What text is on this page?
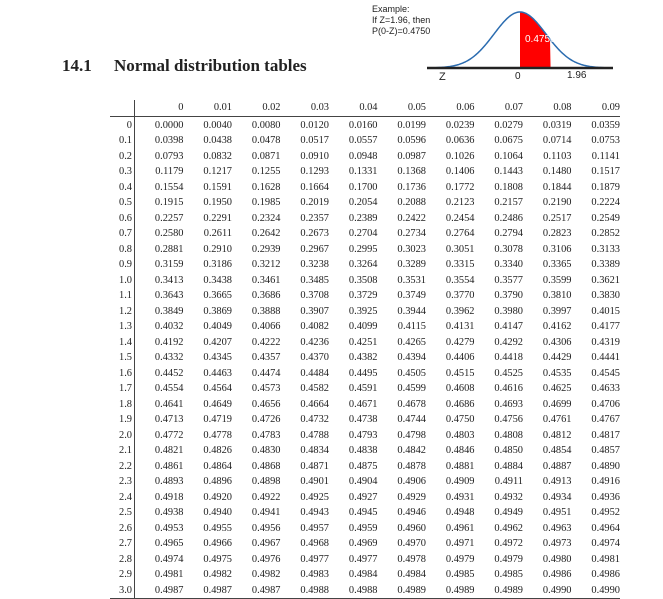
14.1 Normal distribution tables
Example:
If Z=1.96, then
P(0-Z)=0.4750
0.4750
Z	0	1.96
	0	0.01	0.02	0.03	0.04	0.05	0.06	0.07	0.08	0.09
0	0.0000	0.0040	0.0080	0.0120	0.0160	0.0199	0.0239	0.0279	0.0319	0.0359
0.1	0.0398	0.0438	0.0478	0.0517	0.0557	0.0596	0.0636	0.0675	0.0714	0.0753
0.2	0.0793	0.0832	0.0871	0.0910	0.0948	0.0987	0.1026	0.1064	0.1103	0.1141
0.3	0.1179	0.1217	0.1255	0.1293	0.1331	0.1368	0.1406	0.1443	0.1480	0.1517
0.4	0.1554	0.1591	0.1628	0.1664	0.1700	0.1736	0.1772	0.1808	0.1844	0.1879
0.5	0.1915	0.1950	0.1985	0.2019	0.2054	0.2088	0.2123	0.2157	0.2190	0.2224
0.6	0.2257	0.2291	0.2324	0.2357	0.2389	0.2422	0.2454	0.2486	0.2517	0.2549
0.7	0.2580	0.2611	0.2642	0.2673	0.2704	0.2734	0.2764	0.2794	0.2823	0.2852
0.8	0.2881	0.2910	0.2939	0.2967	0.2995	0.3023	0.3051	0.3078	0.3106	0.3133
0.9	0.3159	0.3186	0.3212	0.3238	0.3264	0.3289	0.3315	0.3340	0.3365	0.3389
1.0	0.3413	0.3438	0.3461	0.3485	0.3508	0.3531	0.3554	0.3577	0.3599	0.3621
1.1	0.3643	0.3665	0.3686	0.3708	0.3729	0.3749	0.3770	0.3790	0.3810	0.3830
1.2	0.3849	0.3869	0.3888	0.3907	0.3925	0.3944	0.3962	0.3980	0.3997	0.4015
1.3	0.4032	0.4049	0.4066	0.4082	0.4099	0.4115	0.4131	0.4147	0.4162	0.4177
1.4	0.4192	0.4207	0.4222	0.4236	0.4251	0.4265	0.4279	0.4292	0.4306	0.4319
1.5	0.4332	0.4345	0.4357	0.4370	0.4382	0.4394	0.4406	0.4418	0.4429	0.4441
1.6	0.4452	0.4463	0.4474	0.4484	0.4495	0.4505	0.4515	0.4525	0.4535	0.4545
1.7	0.4554	0.4564	0.4573	0.4582	0.4591	0.4599	0.4608	0.4616	0.4625	0.4633
1.8	0.4641	0.4649	0.4656	0.4664	0.4671	0.4678	0.4686	0.4693	0.4699	0.4706
1.9	0.4713	0.4719	0.4726	0.4732	0.4738	0.4744	0.4750	0.4756	0.4761	0.4767
2.0	0.4772	0.4778	0.4783	0.4788	0.4793	0.4798	0.4803	0.4808	0.4812	0.4817
2.1	0.4821	0.4826	0.4830	0.4834	0.4838	0.4842	0.4846	0.4850	0.4854	0.4857
2.2	0.4861	0.4864	0.4868	0.4871	0.4875	0.4878	0.4881	0.4884	0.4887	0.4890
2.3	0.4893	0.4896	0.4898	0.4901	0.4904	0.4906	0.4909	0.4911	0.4913	0.4916
2.4	0.4918	0.4920	0.4922	0.4925	0.4927	0.4929	0.4931	0.4932	0.4934	0.4936
2.5	0.4938	0.4940	0.4941	0.4943	0.4945	0.4946	0.4948	0.4949	0.4951	0.4952
2.6	0.4953	0.4955	0.4956	0.4957	0.4959	0.4960	0.4961	0.4962	0.4963	0.4964
2.7	0.4965	0.4966	0.4967	0.4968	0.4969	0.4970	0.4971	0.4972	0.4973	0.4974
2.8	0.4974	0.4975	0.4976	0.4977	0.4977	0.4978	0.4979	0.4979	0.4980	0.4981
2.9	0.4981	0.4982	0.4982	0.4983	0.4984	0.4984	0.4985	0.4985	0.4986	0.4986
3.0	0.4987	0.4987	0.4987	0.4988	0.4988	0.4989	0.4989	0.4989	0.4990	0.4990
